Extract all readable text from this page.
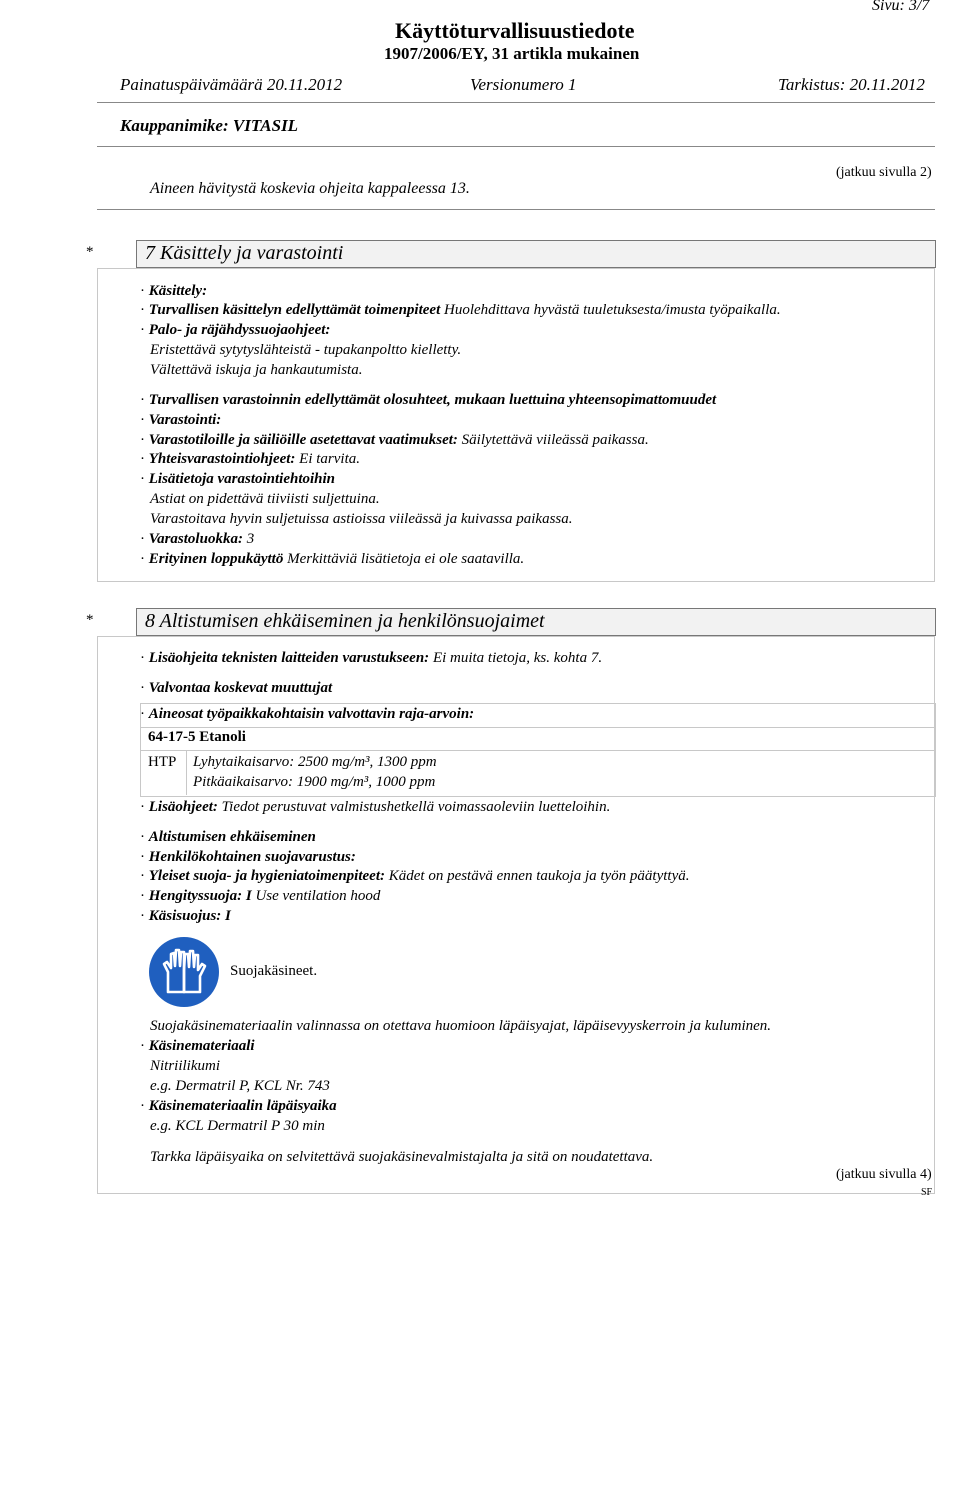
Sivu: 3/7
Käyttöturvallisuustiedote
1907/2006/EY, 31 artikla mukainen
Painatuspäivämäärä 20.11.2012	Versionumero 1	Tarkistus: 20.11.2012
Kauppanimike: VITASIL
(jatkuu sivulla 2)
Aineen hävitystä koskevia ohjeita kappaleessa 13.
*	7 Käsittely ja varastointi
· Käsittely:
· Turvallisen käsittelyn edellyttämät toimenpiteet Huolehdittava hyvästä tuuletuksesta/imusta työpaikalla.
· Palo- ja räjähdyssuojaohjeet:
Eristettävä sytytyslähteistä - tupakanpoltto kielletty.
Vältettävä iskuja ja hankautumista.
· Turvallisen varastoinnin edellyttämät olosuhteet, mukaan luettuina yhteensopimattomuudet
· Varastointi:
· Varastotiloille ja säiliöille asetettavat vaatimukset: Säilytettävä viileässä paikassa.
· Yhteisvarastointiohjeet: Ei tarvita.
· Lisätietoja varastointiehtoihin
Astiat on pidettävä tiiviisti suljettuina.
Varastoitava hyvin suljetuissa astioissa viileässä ja kuivassa paikassa.
· Varastoluokka: 3
· Erityinen loppukäyttö Merkittäviä lisätietoja ei ole saatavilla.
*	8 Altistumisen ehkäiseminen ja henkilönsuojaimet
· Lisäohjeita teknisten laitteiden varustukseen: Ei muita tietoja, ks. kohta 7.
· Valvontaa koskevat muuttujat
· Aineosat työpaikkakohtaisin valvottavin raja-arvoin:
64-17-5 Etanoli
HTP Lyhytaikaisarvo: 2500 mg/m³, 1300 ppm
Pitkäaikaisarvo: 1900 mg/m³, 1000 ppm
· Lisäohjeet: Tiedot perustuvat valmistushetkellä voimassaoleviin luetteloihin.
· Altistumisen ehkäiseminen
· Henkilökohtainen suojavarustus:
· Yleiset suoja- ja hygieniatoimenpiteet: Kädet on pestävä ennen taukoja ja työn päätyttyä.
· Hengityssuoja: I Use ventilation hood
· Käsisuojus: I
Suojakäsineet.
Suojakäsinemateriaalin valinnassa on otettava huomioon läpäisyajat, läpäisevyyskerroin ja kuluminen.
· Käsinemateriaali
Nitriilikumi
e.g. Dermatril P, KCL Nr. 743
· Käsinemateriaalin läpäisyaika
e.g. KCL Dermatril P 30 min
Tarkka läpäisyaika on selvitettävä suojakäsinevalmistajalta ja sitä on noudatettava.
(jatkuu sivulla 4)
SF
